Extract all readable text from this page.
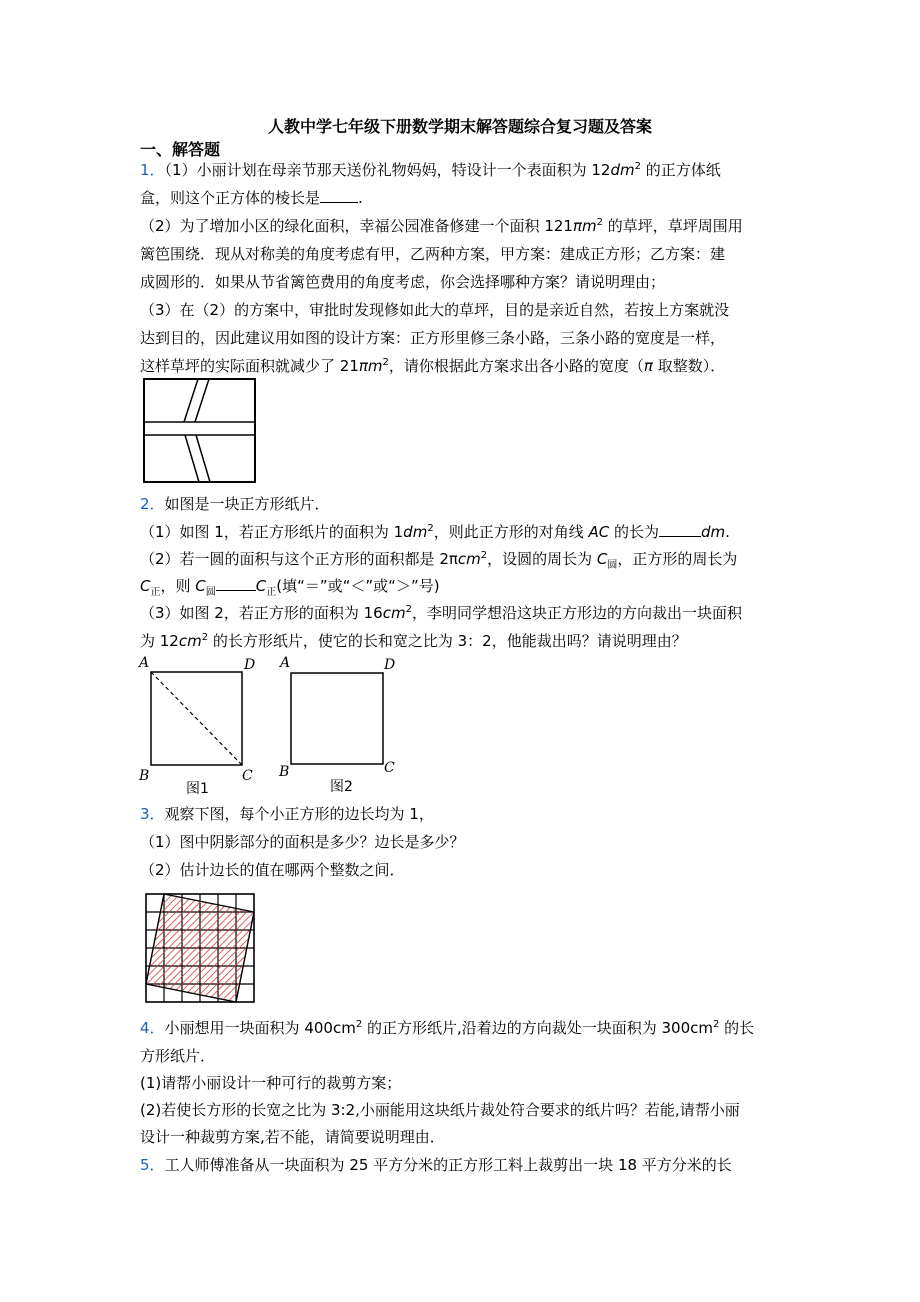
人教中学七年级下册数学期末解答题综合复习题及答案
一、解答题
1．（1）小丽计划在母亲节那天送份礼物妈妈，特设计一个表面积为 $12dm^2$ 的正方体纸
盒，则这个正方体的棱长是	.
（2）为了增加小区的绿化面积，幸福公园准备修建一个面积 $121\pi m^2$ 的草坪，草坪周围用
篱笆围绕．现从对称美的角度考虑有甲，乙两种方案，甲方案：建成正方形；乙方案：建
成圆形的．如果从节省篱笆费用的角度考虑，你会选择哪种方案？请说明理由；
（3）在（2）的方案中，审批时发现修如此大的草坪，目的是亲近自然，若按上方案就没
达到目的，因此建议用如图的设计方案：正方形里修三条小路，三条小路的宽度是一样，
这样草坪的实际面积就减少了 $21\pi m^2$，请你根据此方案求出各小路的宽度（π 取整数）．
2．如图是一块正方形纸片．
（1）如图 1，若正方形纸片的面积为 $1dm^2$，则此正方形的对角线 AC 的长为	dm.
（2）若一圆的面积与这个正方形的面积都是 2πcm$^2$，设圆的周长为 $C_圆$，正方形的周长为
$C_正$，则 $C_圆$	$C_正$(填“＝”或“＜”或“＞”号)
（3）如图 2，若正方形的面积为 $16cm^2$，李明同学想沿这块正方形边的方向裁出一块面积
为 $12cm^2$ 的长方形纸片，使它的长和宽之比为 3：2，他能裁出吗？请说明理由？
A	D
B	C
图1
A	D
B	C
图2
3．观察下图，每个小正方形的边长均为 1，
（1）图中阴影部分的面积是多少？边长是多少？
（2）估计边长的值在哪两个整数之间．
4．小丽想用一块面积为 $400cm^2$ 的正方形纸片,沿着边的方向裁处一块面积为 $300cm^2$ 的长
方形纸片．
(1)请帮小丽设计一种可行的裁剪方案；
(2)若使长方形的长宽之比为 3:2,小丽能用这块纸片裁处符合要求的纸片吗？若能,请帮小丽
设计一种裁剪方案,若不能，请简要说明理由．
5．工人师傅准备从一块面积为 25 平方分米的正方形工料上裁剪出一块 18 平方分米的长
